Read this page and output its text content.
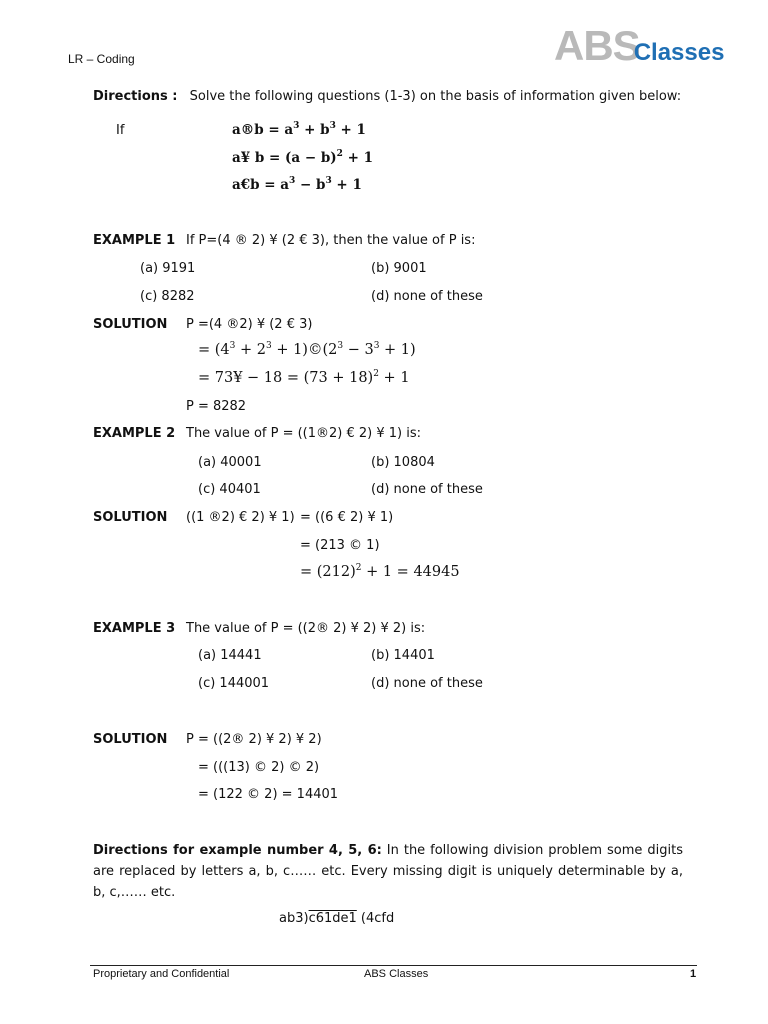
LR – Coding	ABSClasses
Directions : Solve the following questions (1-3) on the basis of information given below:
If	a®b = $a^3 + b^3 + 1$
a¥ $b = (a - b)^2 + 1$
a€b = $a^3 - b^3 + 1$
EXAMPLE 1 If P=(4 ® 2) ¥ (2 € 3), then the value of P is:
(a) 9191	(b) 9001
(c) 8282	(d) none of these
SOLUTION P =(4 ®2) ¥ (2 € 3)
= ($4^3 + 2^3$ + $1)©(2^3 - 3^3 + 1)$
= 73¥ − $18 = (73 + 18)^2 + 1$
P = 8282
EXAMPLE 2 The value of P = ((1®2) € 2) ¥ 1) is:
(a) 40001	(b) 10804
(c) 40401	(d) none of these
SOLUTION ((1 ®2) € 2) ¥ 1) = ((6 € 2) ¥ 1)
= (213 © 1)
= $(212)^2 + 1 = 44945$
EXAMPLE 3 The value of P = ((2® 2) ¥ 2) ¥ 2) is:
(a) 14441	(b) 14401
(c) 144001	(d) none of these
SOLUTION P = ((2® 2) ¥ 2) ¥ 2)
= (((13) © 2) © 2)
= (122 © 2) = 14401
Directions for example number 4, 5, 6: In the following division problem some digits are replaced by letters a, b, c…… etc. Every missing digit is uniquely determinable by a, b, c,…… etc.
ab3)c61de1 (4cfd
Proprietary and Confidential	ABS Classes	1
